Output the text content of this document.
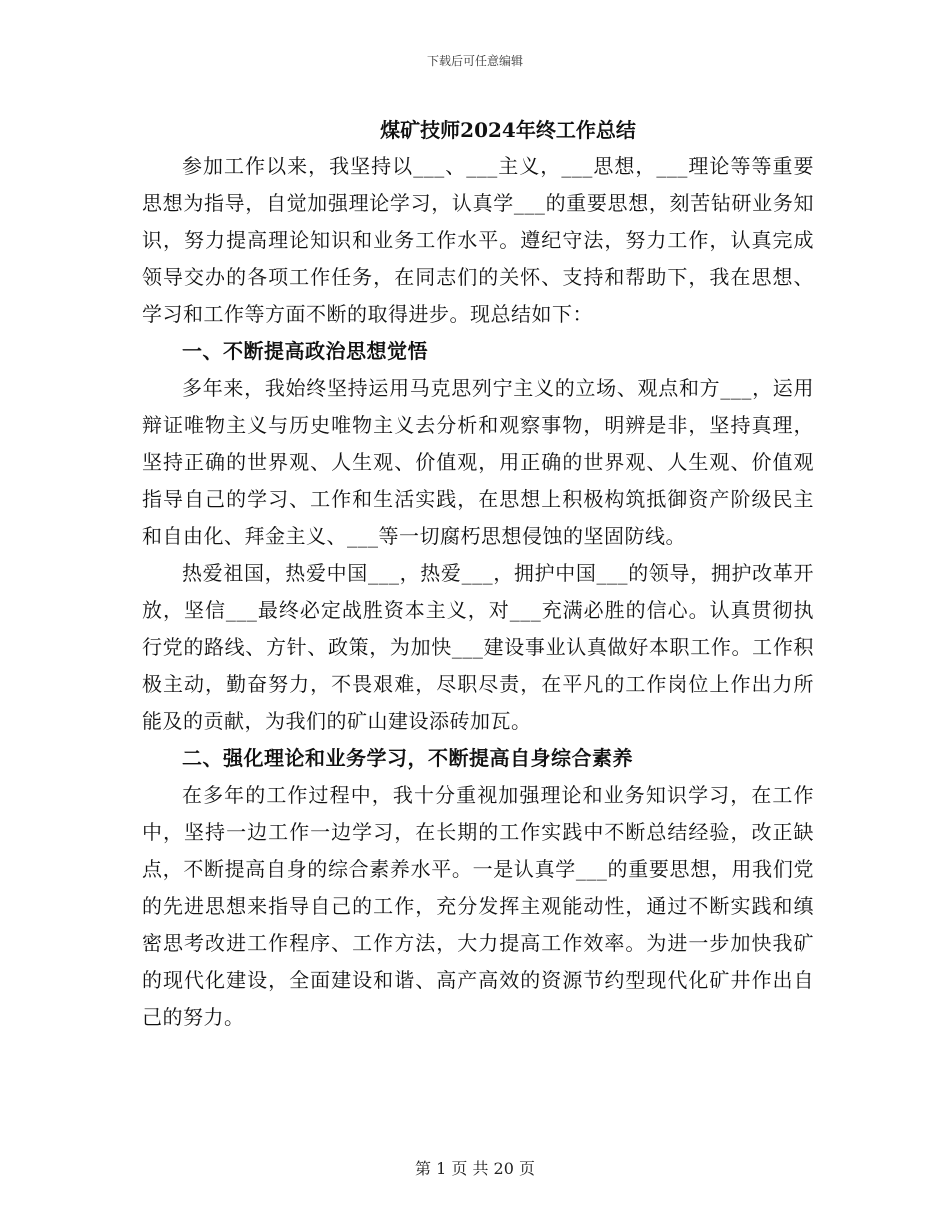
下载后可任意编辑
煤矿技师2024年终工作总结

参加工作以来，我坚持以___、___主义，___思想，___理论等等重要思想为指导，自觉加强理论学习，认真学___的重要思想，刻苦钻研业务知识，努力提高理论知识和业务工作水平。遵纪守法，努力工作，认真完成领导交办的各项工作任务，在同志们的关怀、支持和帮助下，我在思想、学习和工作等方面不断的取得进步。现总结如下：

一、不断提高政治思想觉悟

多年来，我始终坚持运用马克思列宁主义的立场、观点和方___，运用辩证唯物主义与历史唯物主义去分析和观察事物，明辨是非，坚持真理，坚持正确的世界观、人生观、价值观，用正确的世界观、人生观、价值观指导自己的学习、工作和生活实践，在思想上积极构筑抵御资产阶级民主和自由化、拜金主义、___等一切腐朽思想侵蚀的坚固防线。

热爱祖国，热爱中国___，热爱___，拥护中国___的领导，拥护改革开放，坚信___最终必定战胜资本主义，对___充满必胜的信心。认真贯彻执行党的路线、方针、政策，为加快___建设事业认真做好本职工作。工作积极主动，勤奋努力，不畏艰难，尽职尽责，在平凡的工作岗位上作出力所能及的贡献，为我们的矿山建设添砖加瓦。

二、强化理论和业务学习，不断提高自身综合素养

在多年的工作过程中，我十分重视加强理论和业务知识学习，在工作中，坚持一边工作一边学习，在长期的工作实践中不断总结经验，改正缺点，不断提高自身的综合素养水平。一是认真学___的重要思想，用我们党的先进思想来指导自己的工作，充分发挥主观能动性，通过不断实践和缜密思考改进工作程序、工作方法，大力提高工作效率。为进一步加快我矿的现代化建设，全面建设和谐、高产高效的资源节约型现代化矿井作出自己的努力。

第 1 页 共 20 页
